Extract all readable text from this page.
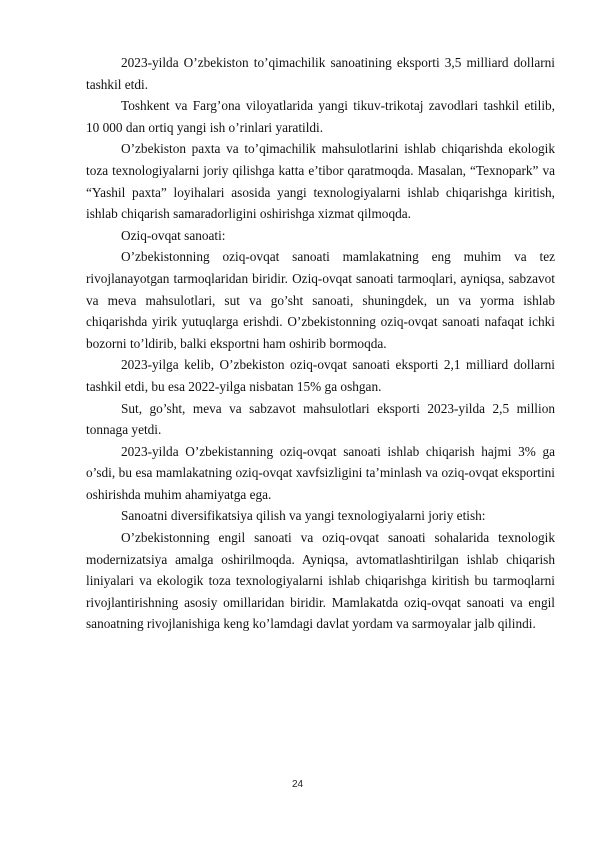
2023-yilda O’zbekiston to’qimachilik sanoatining eksporti 3,5 milliard dollarni tashkil etdi.

Toshkent va Farg’ona viloyatlarida yangi tikuv-trikotaj zavodlari tashkil etilib, 10 000 dan ortiq yangi ish o’rinlari yaratildi.

O’zbekiston paxta va to’qimachilik mahsulotlarini ishlab chiqarishda ekologik toza texnologiyalarni joriy qilishga katta e’tibor qaratmoqda. Masalan, “Texnopark” va “Yashil paxta” loyihalari asosida yangi texnologiyalarni ishlab chiqarishga kiritish, ishlab chiqarish samaradorligini oshirishga xizmat qilmoqda.

Oziq-ovqat sanoati:

O’zbekistonning oziq-ovqat sanoati mamlakatning eng muhim va tez rivojlanayotgan tarmoqlaridan biridir. Oziq-ovqat sanoati tarmoqlari, ayniqsa, sabzavot va meva mahsulotlari, sut va go’sht sanoati, shuningdek, un va yorma ishlab chiqarishda yirik yutuqlarga erishdi. O’zbekistonning oziq-ovqat sanoati nafaqat ichki bozorni to’ldirib, balki eksportni ham oshirib bormoqda.

2023-yilga kelib, O’zbekiston oziq-ovqat sanoati eksporti 2,1 milliard dollarni tashkil etdi, bu esa 2022-yilga nisbatan 15% ga oshgan.

Sut, go’sht, meva va sabzavot mahsulotlari eksporti 2023-yilda 2,5 million tonnaga yetdi.

2023-yilda O’zbekistanning oziq-ovqat sanoati ishlab chiqarish hajmi 3% ga o’sdi, bu esa mamlakatning oziq-ovqat xavfsizligini ta’minlash va oziq-ovqat eksportini oshirishda muhim ahamiyatga ega.

Sanoatni diversifikatsiya qilish va yangi texnologiyalarni joriy etish:

O’zbekistonning engil sanoati va oziq-ovqat sanoati sohalarida texnologik modernizatsiya amalga oshirilmoqda. Ayniqsa, avtomatlashtirilgan ishlab chiqarish liniyalari va ekologik toza texnologiyalarni ishlab chiqarishga kiritish bu tarmoqlarni rivojlantirishning asosiy omillaridan biridir. Mamlakatda oziq-ovqat sanoati va engil sanoatning rivojlanishiga keng ko’lamdagi davlat yordam va sarmoyalar jalb qilindi.

24
